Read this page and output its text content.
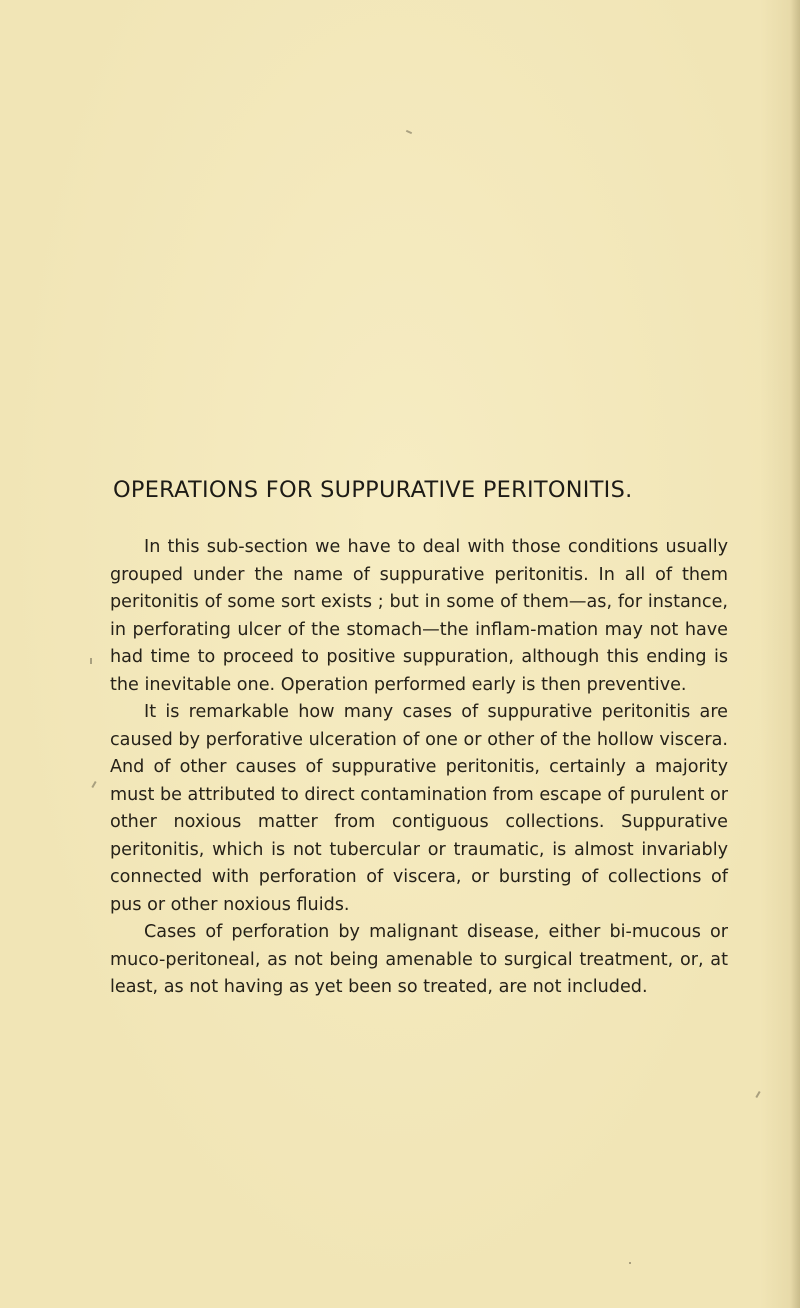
OPERATIONS FOR SUPPURATIVE PERITONITIS.

In this sub-section we have to deal with those conditions usually grouped under the name of suppurative peritonitis. In all of them peritonitis of some sort exists ; but in some of them—as, for instance, in perforating ulcer of the stomach—the inflam-mation may not have had time to proceed to positive suppuration, although this ending is the inevitable one. Operation performed early is then preventive.

It is remarkable how many cases of suppurative peritonitis are caused by perforative ulceration of one or other of the hollow viscera. And of other causes of suppurative peritonitis, certainly a majority must be attributed to direct contamination from escape of purulent or other noxious matter from contiguous collections. Suppurative peritonitis, which is not tubercular or traumatic, is almost invariably connected with perforation of viscera, or bursting of collections of pus or other noxious fluids.

Cases of perforation by malignant disease, either bi-mucous or muco-peritoneal, as not being amenable to surgical treatment, or, at least, as not having as yet been so treated, are not included.
